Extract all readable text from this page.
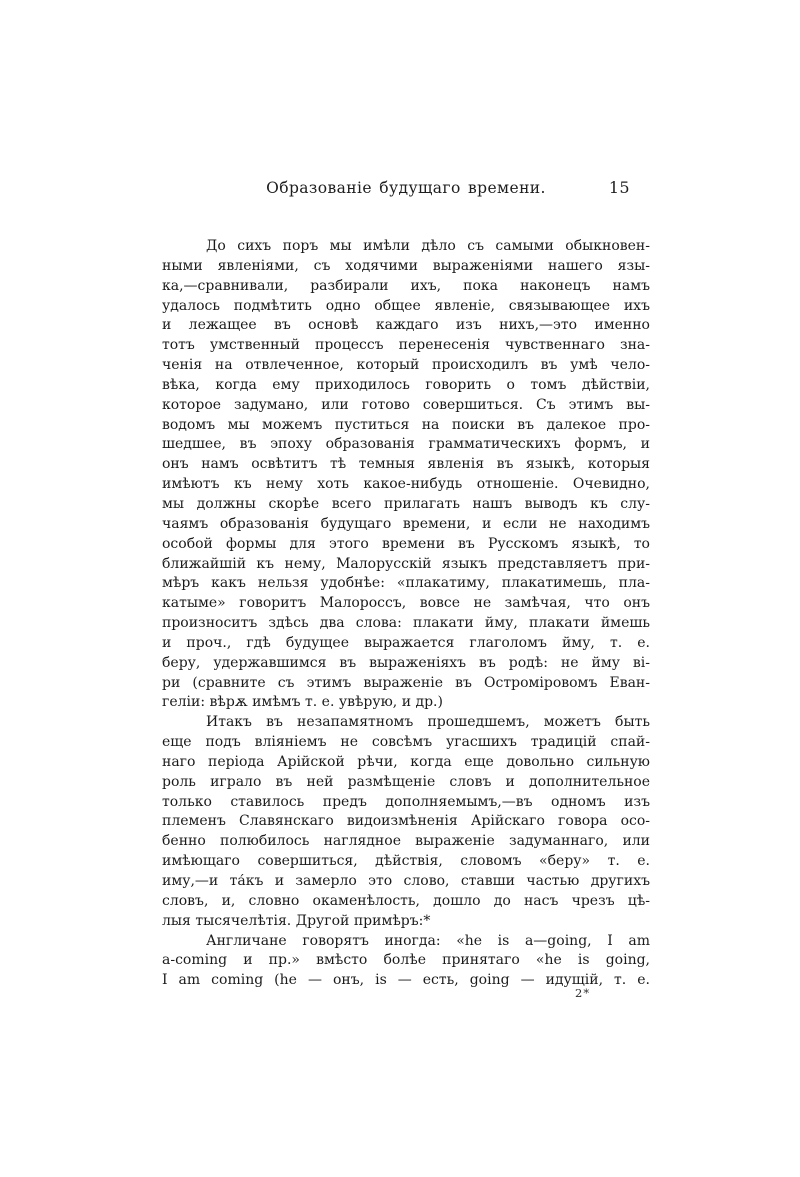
Образованіе будущаго времени.	15
До сихъ поръ мы имѣли дѣло съ самыми обыкновен-
ными явленіями, съ ходячими выраженіями нашего язы-
ка,—сравнивали, разбирали ихъ, пока наконецъ намъ
удалось подмѣтить одно общее явленіе, связывающее ихъ
и лежащее въ основѣ каждаго изъ нихъ,—это именно
тотъ умственный процессъ перенесенія чувственнаго зна-
ченія на отвлеченное, который происходилъ въ умѣ чело-
вѣка, когда ему приходилось говорить о томъ дѣйствіи,
которое задумано, или готово совершиться. Съ этимъ вы-
водомъ мы можемъ пуститься на поиски въ далекое про-
шедшее, въ эпоху образованія грамматическихъ формъ, и
онъ намъ освѣтитъ тѣ темныя явленія въ языкѣ, которыя
имѣютъ къ нему хоть какое-нибудь отношеніе. Очевидно,
мы должны скорѣе всего прилагать нашъ выводъ къ слу-
чаямъ образованія будущаго времени, и если не находимъ
особой формы для этого времени въ Русскомъ языкѣ, то
ближайшій къ нему, Малорусскій языкъ представляетъ при-
мѣръ какъ нельзя удобнѣе: «плакатиму, плакатимешь, пла-
катыме» говоритъ Малороссъ, вовсе не замѣчая, что онъ
произноситъ здѣсь два слова: плакати йму, плакати ймешь
и проч., гдѣ будущее выражается глаголомъ йму, т. е.
беру, удержавшимся въ выраженіяхъ въ родѣ: не йму ві-
ри (сравните съ этимъ выраженіе въ Остроміровомъ Еван-
геліи: вѣрѫ имѣмъ т. е. увѣрую, и др.)
Итакъ въ незапамятномъ прошедшемъ, можетъ быть
еще подъ вліяніемъ не совсѣмъ угасшихъ традицій спай-
наго періода Арійской рѣчи, когда еще довольно сильную
роль играло въ ней размѣщеніе словъ и дополнительное
только ставилось предъ дополняемымъ,—въ одномъ изъ
племенъ Славянскаго видоизмѣненія Арійскаго говора осо-
бенно полюбилось наглядное выраженіе задуманнаго, или
имѣющаго совершиться, дѣйствія, словомъ «беру» т. е.
иму,—и та́къ и замерло это слово, ставши частью другихъ
словъ, и, словно окаменѣлость, дошло до насъ чрезъ цѣ-
лыя тысячелѣтія. Другой примѣръ:*
Англичане говорятъ иногда: «he is a—going, I am
a-coming и пр.» вмѣсто болѣе принятаго «he is going,
I am coming (he — онъ, is — есть, going — идущій, т. е.
2*
